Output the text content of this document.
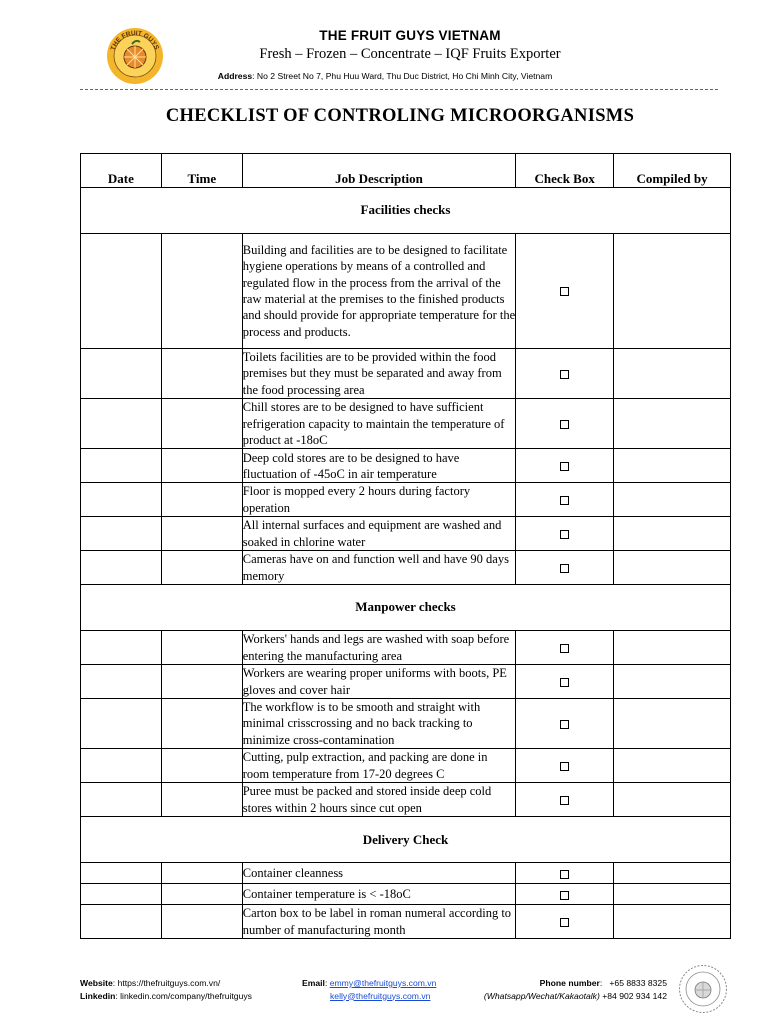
THE FRUIT GUYS
THE FRUIT GUYS VIETNAM
Fresh – Frozen – Concentrate – IQF Fruits Exporter
Address: No 2 Street No 7, Phu Huu Ward, Thu Duc District, Ho Chi Minh City, Vietnam
CHECKLIST OF CONTROLING MICROORGANISMS
Date	Time	Job Description	Check Box	Compiled by
Facilities checks				
		Building and facilities are to be designed to facilitate hygiene operations by means of a controlled and regulated flow in the process from the arrival of the raw material at the premises to the finished products and should provide for appropriate temperature for the process and products.		
		Toilets facilities are to be provided within the food premises but they must be separated and away from the food processing area		
		Chill stores are to be designed to have sufficient refrigeration capacity to maintain the temperature of product at -18oC		
		Deep cold stores are to be designed to have fluctuation of -45oC in air temperature		
		Floor is mopped every 2 hours during factory operation		
		All internal surfaces and equipment are washed and soaked in chlorine water		
		Cameras have on and function well and have 90 days memory		
Manpower checks				
		Workers' hands and legs are washed with soap before entering the manufacturing area		
		Workers are wearing proper uniforms with boots, PE gloves and cover hair		
		The workflow is to be smooth and straight with minimal crisscrossing and no back tracking to minimize cross-contamination		
		Cutting, pulp extraction, and packing are done in room temperature from 17-20 degrees C		
		Puree must be packed and stored inside deep cold stores within 2 hours since cut open		
Delivery Check				
		Container cleanness		
		Container temperature is < -18oC		
		Carton box to be label in roman numeral according to number of manufacturing month		
Website: https://thefruitguys.com.vn/
Linkedin: linkedin.com/company/thefruitguys
Email: emmy@thefruitguys.com.vn
kelly@thefruitguys.com.vn
Phone number:   +65 8833 8325
(Whatsapp/Wechat/Kakaotalk) +84 902 934 142
